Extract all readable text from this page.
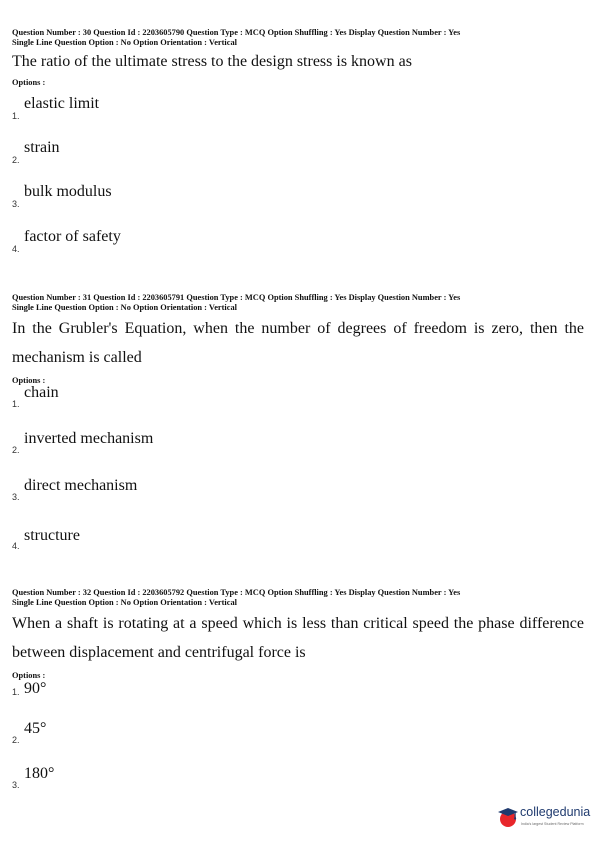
Question Number : 30 Question Id : 2203605790 Question Type : MCQ Option Shuffling : Yes Display Question Number : Yes
Single Line Question Option : No Option Orientation : Vertical
The ratio of the ultimate stress to the design stress is known as
Options :
1.
elastic limit
2.
strain
3.
bulk modulus
4.
factor of safety
Question Number : 31 Question Id : 2203605791 Question Type : MCQ Option Shuffling : Yes Display Question Number : Yes
Single Line Question Option : No Option Orientation : Vertical
In the Grubler's Equation, when the number of degrees of freedom is zero, then the mechanism is called
Options :
1.
chain
2.
inverted mechanism
3.
direct mechanism
4.
structure
Question Number : 32 Question Id : 2203605792 Question Type : MCQ Option Shuffling : Yes Display Question Number : Yes
Single Line Question Option : No Option Orientation : Vertical
When a shaft is rotating at a speed which is less than critical speed the phase difference between displacement and centrifugal force is
Options :
1. 90°
2.
45°
3.
180°
collegedunia
India's largest Student Review Platform
